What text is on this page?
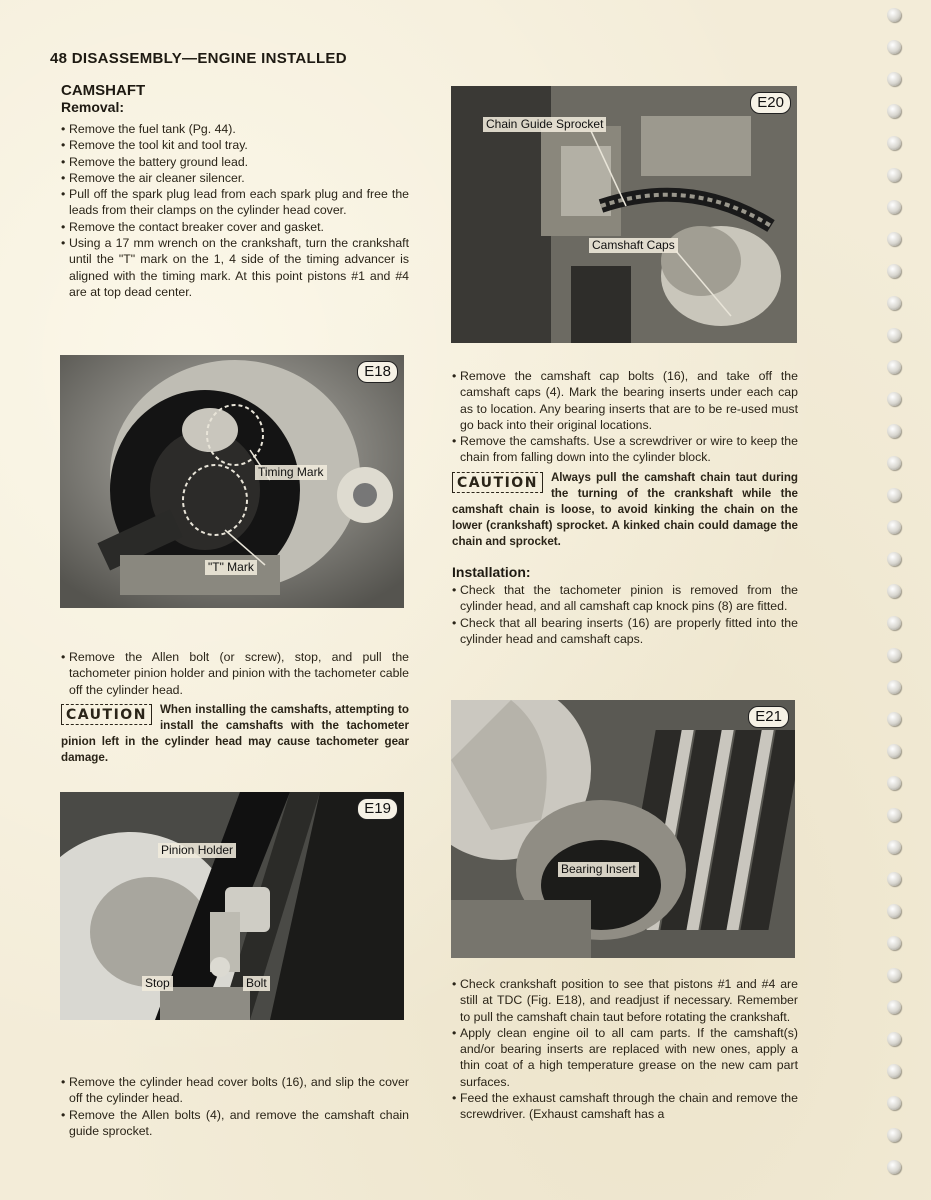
48 DISASSEMBLY—ENGINE INSTALLED
CAMSHAFT
Removal:
• Remove the fuel tank (Pg. 44).
• Remove the tool kit and tool tray.
• Remove the battery ground lead.
• Remove the air cleaner silencer.
• Pull off the spark plug lead from each spark plug and free the leads from their clamps on the cylinder head cover.
• Remove the contact breaker cover and gasket.
• Using a 17 mm wrench on the crankshaft, turn the crankshaft until the "T" mark on the 1, 4 side of the timing advancer is aligned with the timing mark. At this point pistons #1 and #4 are at top dead center.
E18
Timing Mark
"T" Mark
• Remove the Allen bolt (or screw), stop, and pull the tachometer pinion holder and pinion with the tachometer cable off the cylinder head.
CAUTION	When installing the camshafts, attempting to install the camshafts with the tachometer pinion left in the cylinder head may cause tachometer gear damage.
E19
Pinion Holder
Stop	Bolt
• Remove the cylinder head cover bolts (16), and slip the cover off the cylinder head.
• Remove the Allen bolts (4), and remove the camshaft chain guide sprocket.
E20
Chain Guide Sprocket
Camshaft Caps
• Remove the camshaft cap bolts (16), and take off the camshaft caps (4). Mark the bearing inserts under each cap as to location. Any bearing inserts that are to be re-used must go back into their original locations.
• Remove the camshafts. Use a screwdriver or wire to keep the chain from falling down into the cylinder block.
CAUTION	Always pull the camshaft chain taut during the turning of the crankshaft while the camshaft chain is loose, to avoid kinking the chain on the lower (crankshaft) sprocket. A kinked chain could damage the chain and sprocket.
Installation:
• Check that the tachometer pinion is removed from the cylinder head, and all camshaft cap knock pins (8) are fitted.
• Check that all bearing inserts (16) are properly fitted into the cylinder head and camshaft caps.
E21
Bearing Insert
• Check crankshaft position to see that pistons #1 and #4 are still at TDC (Fig. E18), and readjust if necessary. Remember to pull the camshaft chain taut before rotating the crankshaft.
• Apply clean engine oil to all cam parts. If the camshaft(s) and/or bearing inserts are replaced with new ones, apply a thin coat of a high temperature grease on the new cam part surfaces.
• Feed the exhaust camshaft through the chain and remove the screwdriver. (Exhaust camshaft has a
